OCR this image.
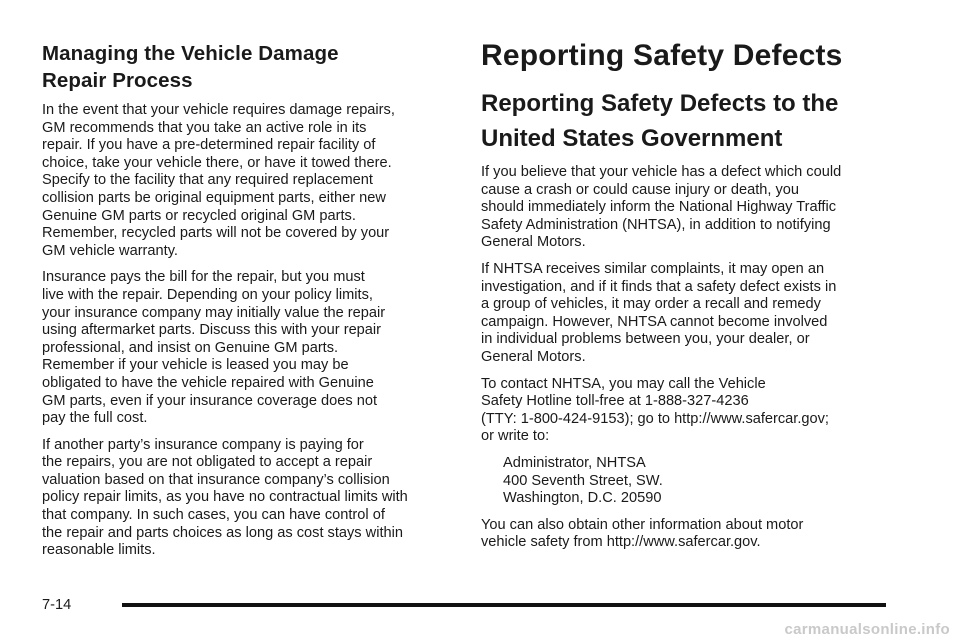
Managing the Vehicle Damage
Repair Process

In the event that your vehicle requires damage repairs,
GM recommends that you take an active role in its
repair. If you have a pre-determined repair facility of
choice, take your vehicle there, or have it towed there.
Specify to the facility that any required replacement
collision parts be original equipment parts, either new
Genuine GM parts or recycled original GM parts.
Remember, recycled parts will not be covered by your
GM vehicle warranty.

Insurance pays the bill for the repair, but you must
live with the repair. Depending on your policy limits,
your insurance company may initially value the repair
using aftermarket parts. Discuss this with your repair
professional, and insist on Genuine GM parts.
Remember if your vehicle is leased you may be
obligated to have the vehicle repaired with Genuine
GM parts, even if your insurance coverage does not
pay the full cost.

If another party’s insurance company is paying for
the repairs, you are not obligated to accept a repair
valuation based on that insurance company’s collision
policy repair limits, as you have no contractual limits with
that company. In such cases, you can have control of
the repair and parts choices as long as cost stays within
reasonable limits.

Reporting Safety Defects
Reporting Safety Defects to the
United States Government

If you believe that your vehicle has a defect which could
cause a crash or could cause injury or death, you
should immediately inform the National Highway Traffic
Safety Administration (NHTSA), in addition to notifying
General Motors.

If NHTSA receives similar complaints, it may open an
investigation, and if it finds that a safety defect exists in
a group of vehicles, it may order a recall and remedy
campaign. However, NHTSA cannot become involved
in individual problems between you, your dealer, or
General Motors.

To contact NHTSA, you may call the Vehicle
Safety Hotline toll-free at 1-888-327-4236
(TTY: 1-800-424-9153); go to http://www.safercar.gov;
or write to:

Administrator, NHTSA
400 Seventh Street, SW.
Washington, D.C. 20590

You can also obtain other information about motor
vehicle safety from http://www.safercar.gov.

7-14
carmanualsonline.info
